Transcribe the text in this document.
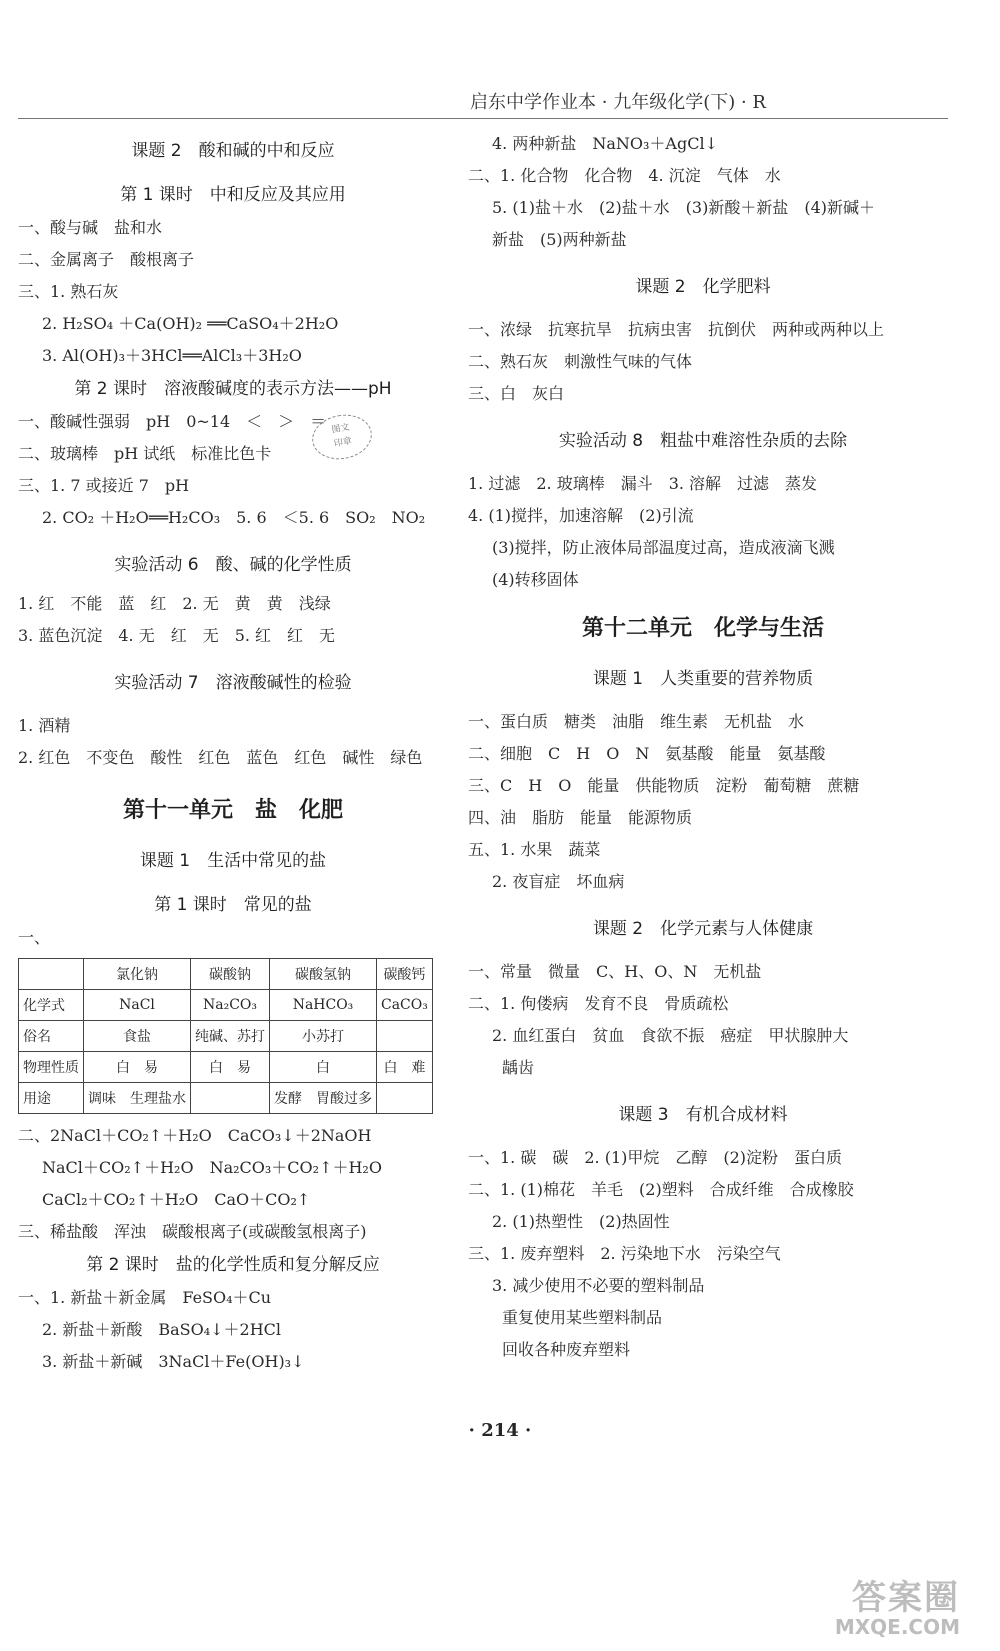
启东中学作业本 · 九年级化学(下) · R
图文
印章
课题 2　酸和碱的中和反应
第 1 课时　中和反应及其应用
一、酸与碱　盐和水
二、金属离子　酸根离子
三、1. 熟石灰
2. H₂SO₄ ＋Ca(OH)₂ ══CaSO₄＋2H₂O
3. Al(OH)₃＋3HCl══AlCl₃＋3H₂O
第 2 课时　溶液酸碱度的表示方法——pH
一、酸碱性强弱　pH　0~14　＜　＞　＝
二、玻璃棒　pH 试纸　标准比色卡
三、1. 7 或接近 7　pH
2. CO₂ ＋H₂O══H₂CO₃　5. 6　＜5. 6　SO₂　NO₂
实验活动 6　酸、碱的化学性质
1. 红　不能　蓝　红　2. 无　黄　黄　浅绿
3. 蓝色沉淀　4. 无　红　无　5. 红　红　无
实验活动 7　溶液酸碱性的检验
1. 酒精
2. 红色　不变色　酸性　红色　蓝色　红色　碱性　绿色
第十一单元　盐　化肥
课题 1　生活中常见的盐
第 1 课时　常见的盐
一、
	氯化钠	碳酸钠	碳酸氢钠	碳酸钙
化学式	NaCl	Na₂CO₃	NaHCO₃	CaCO₃
俗名	食盐	纯碱、苏打	小苏打	
物理性质	白　易	白　易	白	白　难
用途	调味　生理盐水		发酵　胃酸过多	
二、2NaCl＋CO₂↑＋H₂O　CaCO₃↓＋2NaOH
NaCl＋CO₂↑＋H₂O　Na₂CO₃＋CO₂↑＋H₂O
CaCl₂＋CO₂↑＋H₂O　CaO＋CO₂↑
三、稀盐酸　浑浊　碳酸根离子(或碳酸氢根离子)
第 2 课时　盐的化学性质和复分解反应
一、1. 新盐＋新金属　FeSO₄＋Cu
2. 新盐＋新酸　BaSO₄↓＋2HCl
3. 新盐＋新碱　3NaCl＋Fe(OH)₃↓
4. 两种新盐　NaNO₃＋AgCl↓
二、1. 化合物　化合物　4. 沉淀　气体　水
5. (1)盐＋水　(2)盐＋水　(3)新酸＋新盐　(4)新碱＋
新盐　(5)两种新盐
课题 2　化学肥料
一、浓绿　抗寒抗旱　抗病虫害　抗倒伏　两种或两种以上
二、熟石灰　刺激性气味的气体
三、白　灰白
实验活动 8　粗盐中难溶性杂质的去除
1. 过滤　2. 玻璃棒　漏斗　3. 溶解　过滤　蒸发
4. (1)搅拌，加速溶解　(2)引流
(3)搅拌，防止液体局部温度过高，造成液滴飞溅
(4)转移固体
第十二单元　化学与生活
课题 1　人类重要的营养物质
一、蛋白质　糖类　油脂　维生素　无机盐　水
二、细胞　C　H　O　N　氨基酸　能量　氨基酸
三、C　H　O　能量　供能物质　淀粉　葡萄糖　蔗糖
四、油　脂肪　能量　能源物质
五、1. 水果　蔬菜
2. 夜盲症　坏血病
课题 2　化学元素与人体健康
一、常量　微量　C、H、O、N　无机盐
二、1. 佝偻病　发育不良　骨质疏松
2. 血红蛋白　贫血　食欲不振　癌症　甲状腺肿大
龋齿
课题 3　有机合成材料
一、1. 碳　碳　2. (1)甲烷　乙醇　(2)淀粉　蛋白质
二、1. (1)棉花　羊毛　(2)塑料　合成纤维　合成橡胶
2. (1)热塑性　(2)热固性
三、1. 废弃塑料　2. 污染地下水　污染空气
3. 减少使用不必要的塑料制品
重复使用某些塑料制品
回收各种废弃塑料
· 214 ·
答案圈
MXQE.COM
